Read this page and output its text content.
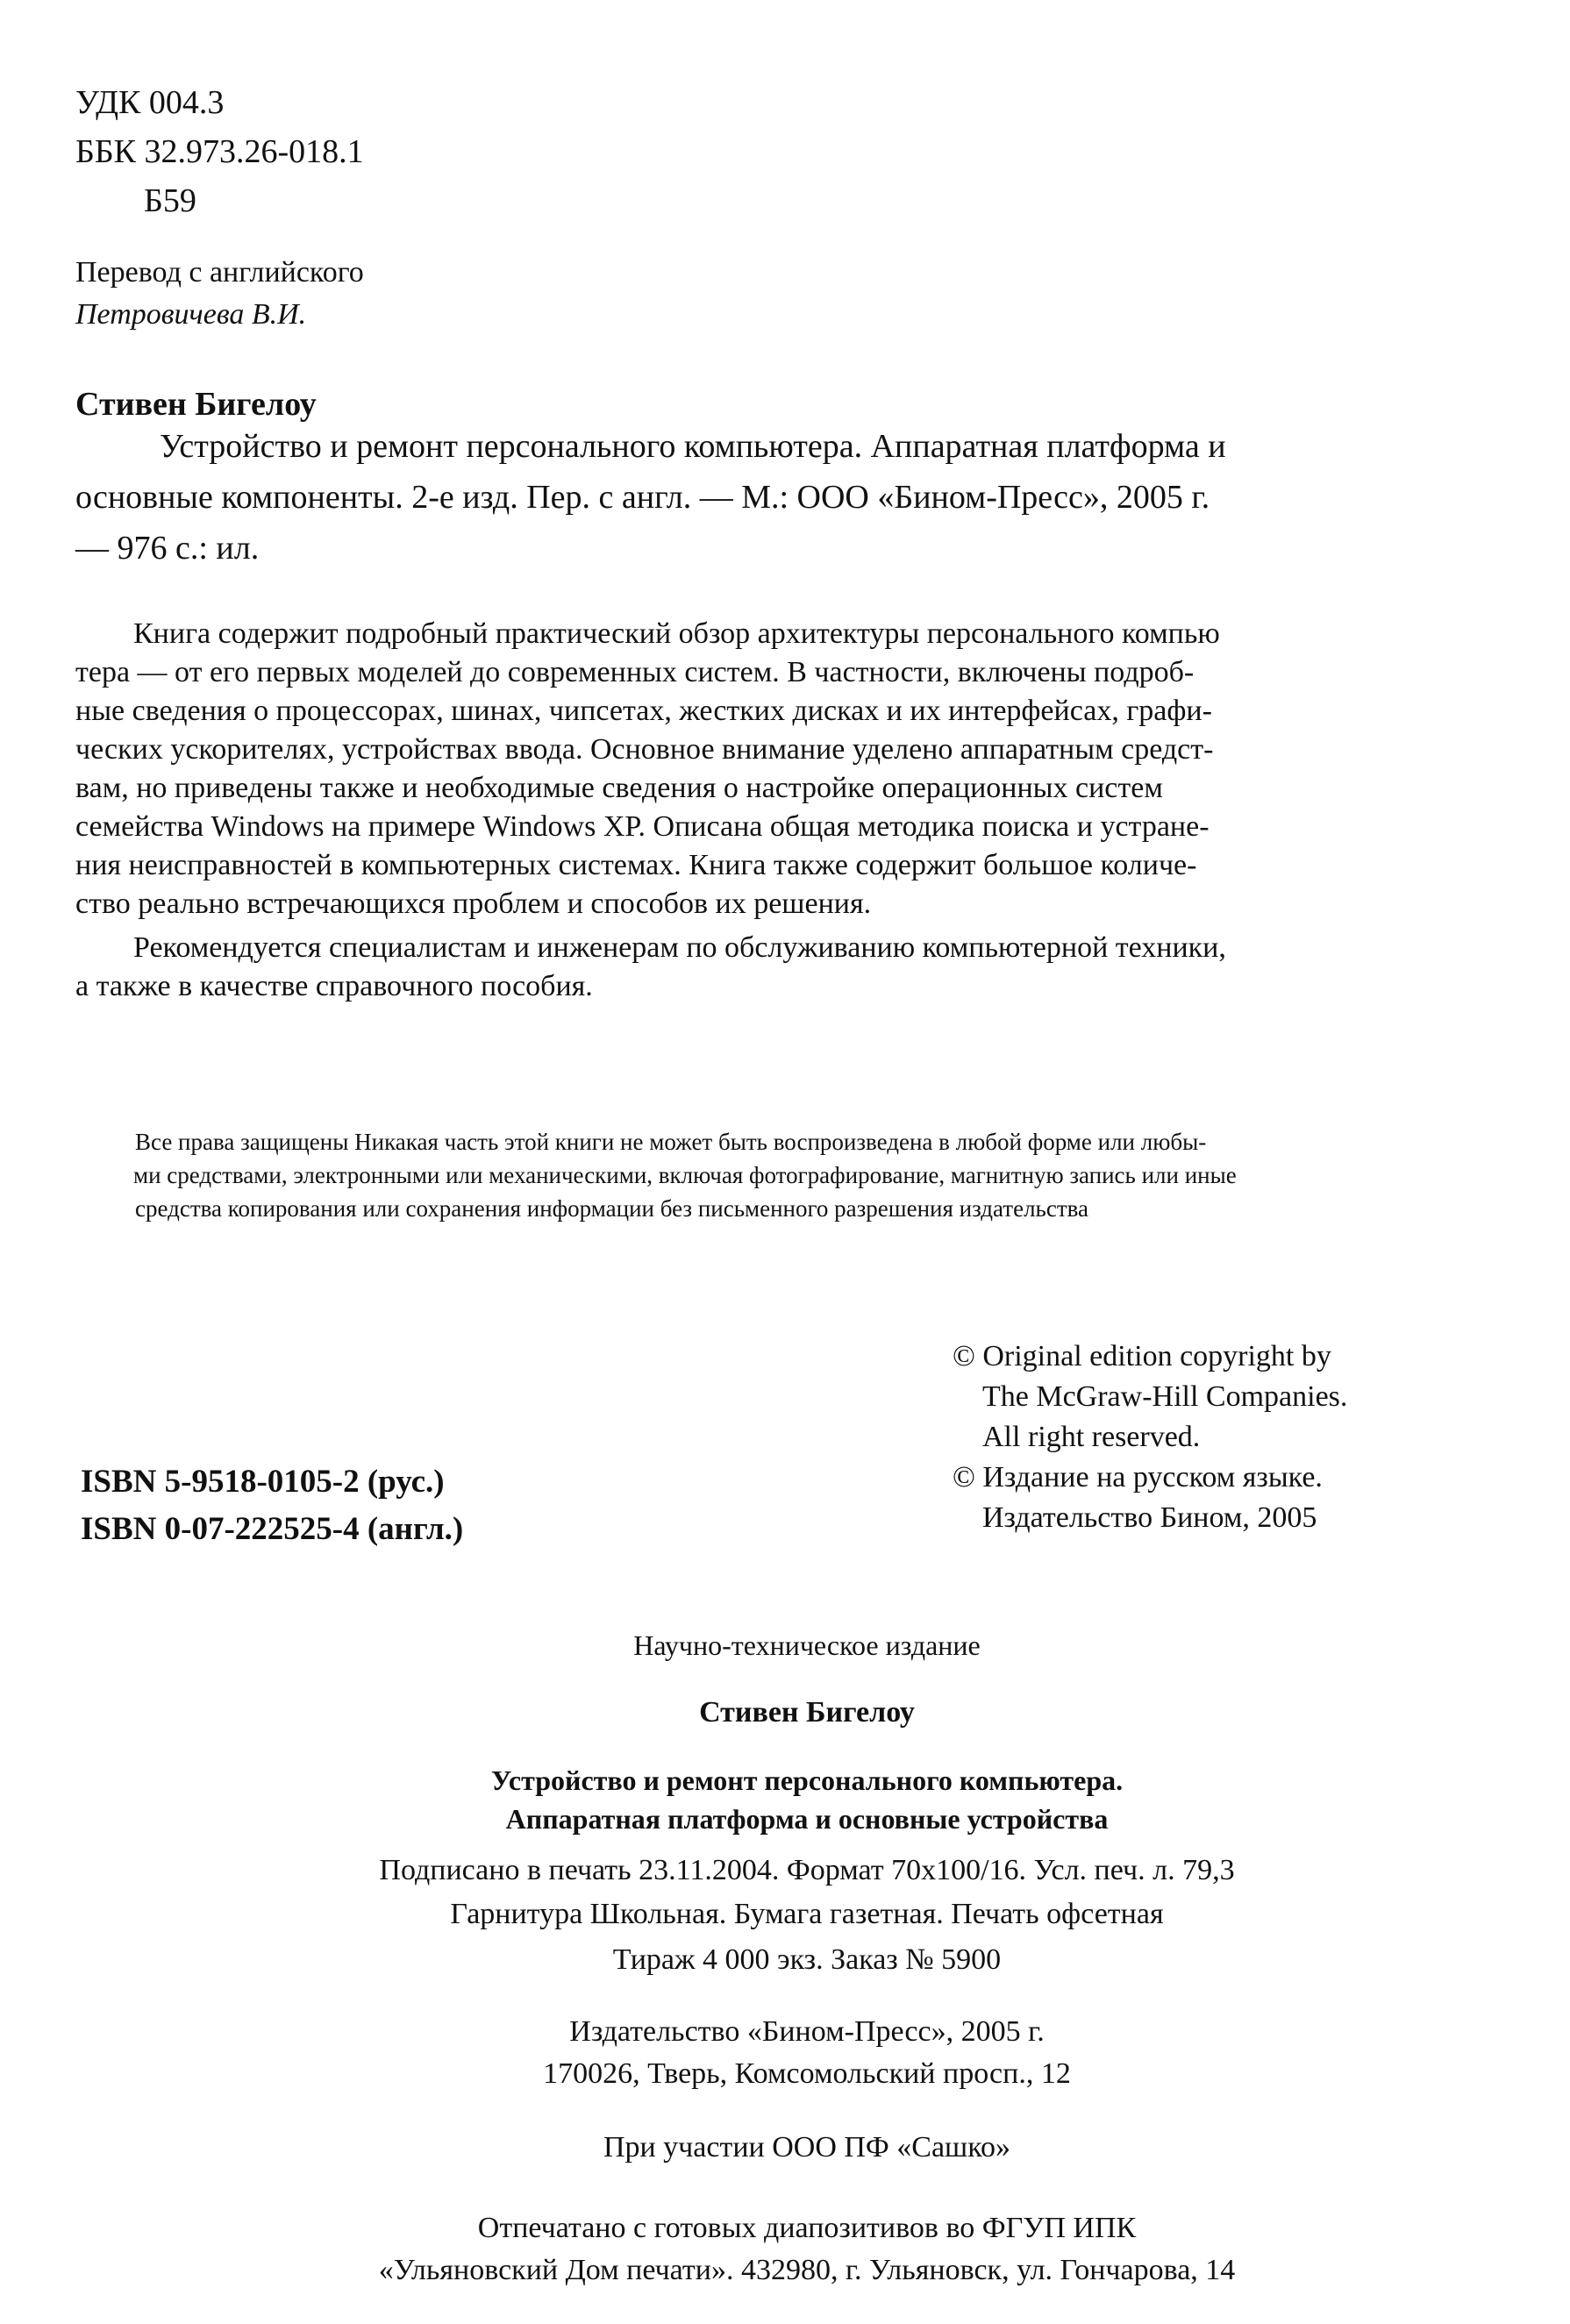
УДК 004.3
ББК 32.973.26-018.1
Б59
Перевод с английского
Петровичева В.И.
Стивен Бигелоу
Устройство и ремонт персонального компьютера. Аппаратная платформа и
основные компоненты. 2-е изд. Пер. с англ. — М.: ООО «Бином-Пресс», 2005 г.
— 976 с.: ил.
Книга содержит подробный практический обзор архитектуры персонального компью
тера — от его первых моделей до современных систем. В частности, включены подроб-
ные сведения о процессорах, шинах, чипсетах, жестких дисках и их интерфейсах, графи-
ческих ускорителях, устройствах ввода. Основное внимание уделено аппаратным средст-
вам, но приведены также и необходимые сведения о настройке операционных систем
семейства Windows на примере Windows XP. Описана общая методика поиска и устране-
ния неисправностей в компьютерных системах. Книга также содержит большое количе-
ство реально встречающихся проблем и способов их решения.
Рекомендуется специалистам и инженерам по обслуживанию компьютерной техники,
а также в качестве справочного пособия.
Все права защищены Никакая часть этой книги не может быть воспроизведена в любой форме или любы-
ми средствами, электронными или механическими, включая фотографирование, магнитную запись или иные
средства копирования или сохранения информации без письменного разрешения издательства
ISBN 5-9518-0105-2 (рус.)
ISBN 0-07-222525-4 (англ.)
© Original edition copyright by
The McGraw-Hill Companies.
All right reserved.
© Издание на русском языке.
Издательство Бином, 2005
Научно-техническое издание
Стивен Бигелоу
Устройство и ремонт персонального компьютера.
Аппаратная платформа и основные устройства
Подписано в печать 23.11.2004. Формат 70x100/16. Усл. печ. л. 79,3
Гарнитура Школьная. Бумага газетная. Печать офсетная
Тираж 4 000 экз. Заказ № 5900
Издательство «Бином-Пресс», 2005 г.
170026, Тверь, Комсомольский просп., 12
При участии ООО ПФ «Сашко»
Отпечатано с готовых диапозитивов во ФГУП ИПК
«Ульяновский Дом печати». 432980, г. Ульяновск, ул. Гончарова, 14
